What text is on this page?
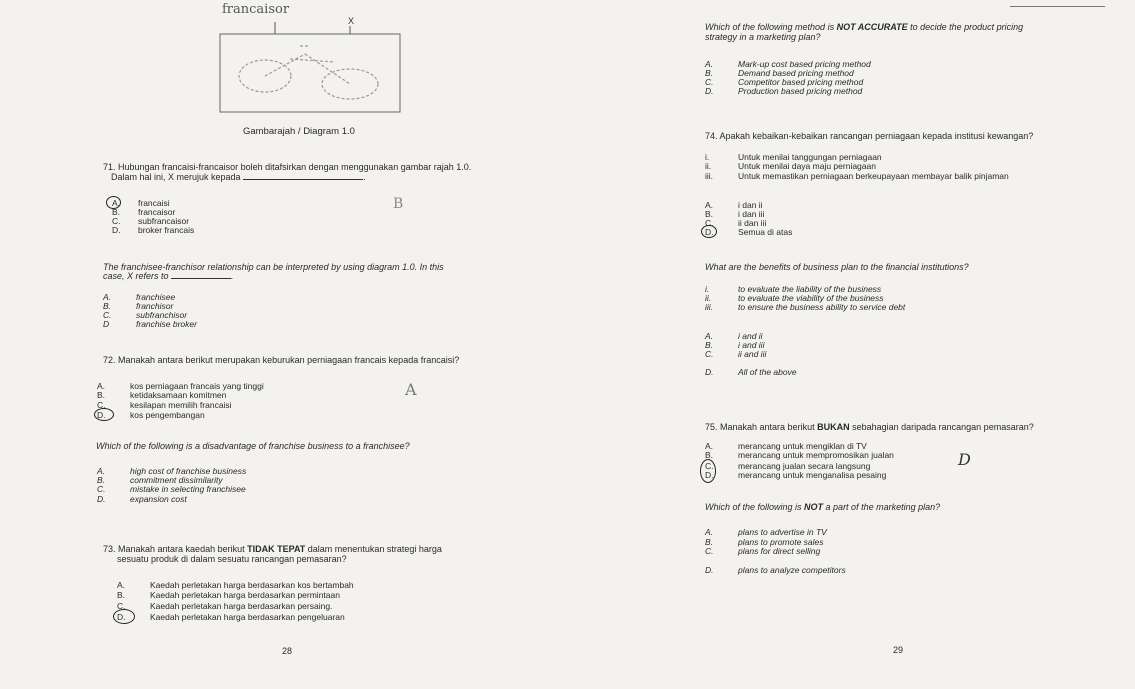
francaisor
X
Gambarajah / Diagram 1.0
71. Hubungan francaisi-francaisor boleh ditafsirkan dengan menggunakan gambar rajah 1.0.
Dalam hal ini, X merujuk kepada	.
B
A. francaisi
B. francaisor
C. subfrancaisor
D. broker francais
The franchisee-franchisor relationship can be interpreted by using diagram 1.0. In this
case, X refers to	.
A.	franchisee
B.	franchisor
C.	subfranchisor
D	franchise broker
72. Manakah antara berikut merupakan keburukan perniagaan francais kepada francaisi?
A
A.	kos perniagaan francais yang tinggi
B.	ketidaksamaan komitmen
C.	kesilapan memilih francaisi
D.	kos pengembangan
Which of the following is a disadvantage of franchise business to a franchisee?
A.	high cost of franchise business
B.	commitment dissimilarity
C.	mistake in selecting franchisee
D.	expansion cost
73. Manakah antara kaedah berikut TIDAK TEPAT dalam menentukan strategi harga
sesuatu produk di dalam sesuatu rancangan pemasaran?
A.	Kaedah perletakan harga berdasarkan kos bertambah
B.	Kaedah perletakan harga berdasarkan permintaan
C.	Kaedah perletakan harga berdasarkan persaing.
D.	Kaedah perletakan harga berdasarkan pengeluaran
28
Which of the following method is NOT ACCURATE to decide the product pricing
strategy in a marketing plan?
A.	Mark-up cost based pricing method
B.	Demand based pricing method
C.	Competitor based pricing method
D.	Production based pricing method
74. Apakah kebaikan-kebaikan rancangan perniagaan kepada institusi kewangan?
i.	Untuk menilai tanggungan perniagaan
ii.	Untuk menilai daya maju perniagaan
iii.	Untuk memastikan perniagaan berkeupayaan membayar balik pinjaman
A.	i dan ii
B.	i dan iii
C.	ii dan iii
D.	Semua di atas
What are the benefits of business plan to the financial institutions?
i.	to evaluate the liability of the business
ii.	to evaluate the viability of the business
iii.	to ensure the business ability to service debt
A.	i and ii
B.	i and iii
C.	ii and iii
D.	All of the above
75. Manakah antara berikut BUKAN sebahagian daripada rancangan pemasaran?
A.	merancang untuk mengiklan di TV
B.	merancang untuk mempromosikan jualan
C.	merancang jualan secara langsung
D.	merancang untuk menganalisa pesaing
D
Which of the following is NOT a part of the marketing plan?
A.	plans to advertise in TV
B.	plans to promote sales
C.	plans for direct selling
D.	plans to analyze competitors
29
